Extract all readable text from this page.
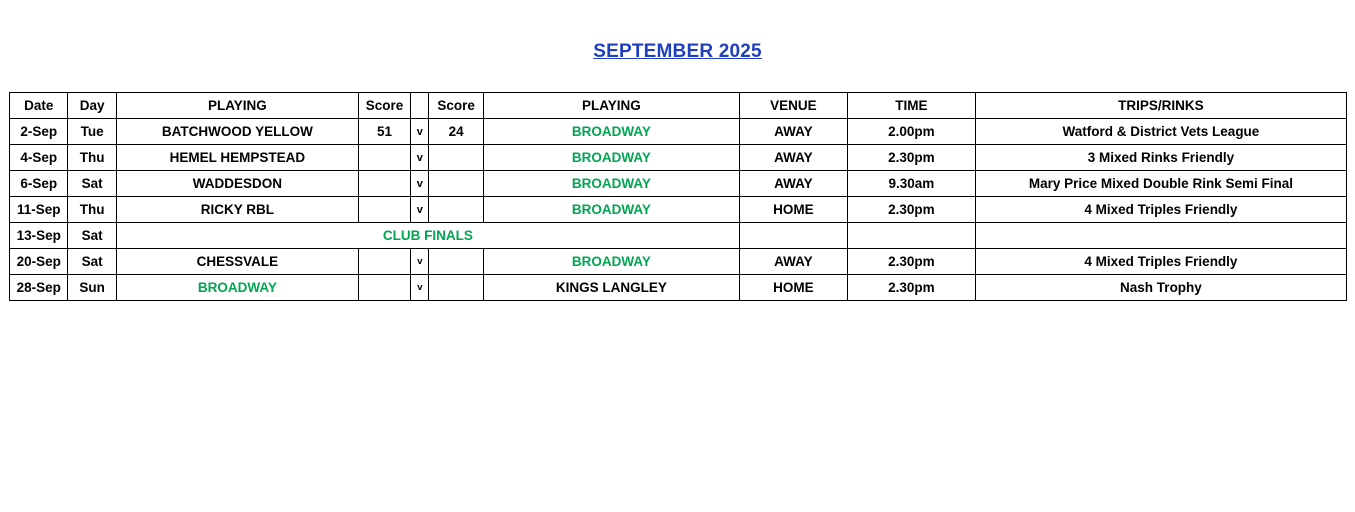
SEPTEMBER 2025
Date	Day	PLAYING	Score		Score	PLAYING	VENUE	TIME	TRIPS/RINKS
2-Sep	Tue	BATCHWOOD YELLOW	51	v	24	BROADWAY	AWAY	2.00pm	Watford & District Vets League
4-Sep	Thu	HEMEL HEMPSTEAD		v		BROADWAY	AWAY	2.30pm	3 Mixed Rinks Friendly
6-Sep	Sat	WADDESDON		v		BROADWAY	AWAY	9.30am	Mary Price Mixed Double Rink Semi Final
11-Sep	Thu	RICKY RBL		v		BROADWAY	HOME	2.30pm	4 Mixed Triples Friendly
13-Sep	Sat	CLUB FINALS							
20-Sep	Sat	CHESSVALE		v		BROADWAY	AWAY	2.30pm	4 Mixed Triples Friendly
28-Sep	Sun	BROADWAY		v		KINGS LANGLEY	HOME	2.30pm	Nash Trophy
